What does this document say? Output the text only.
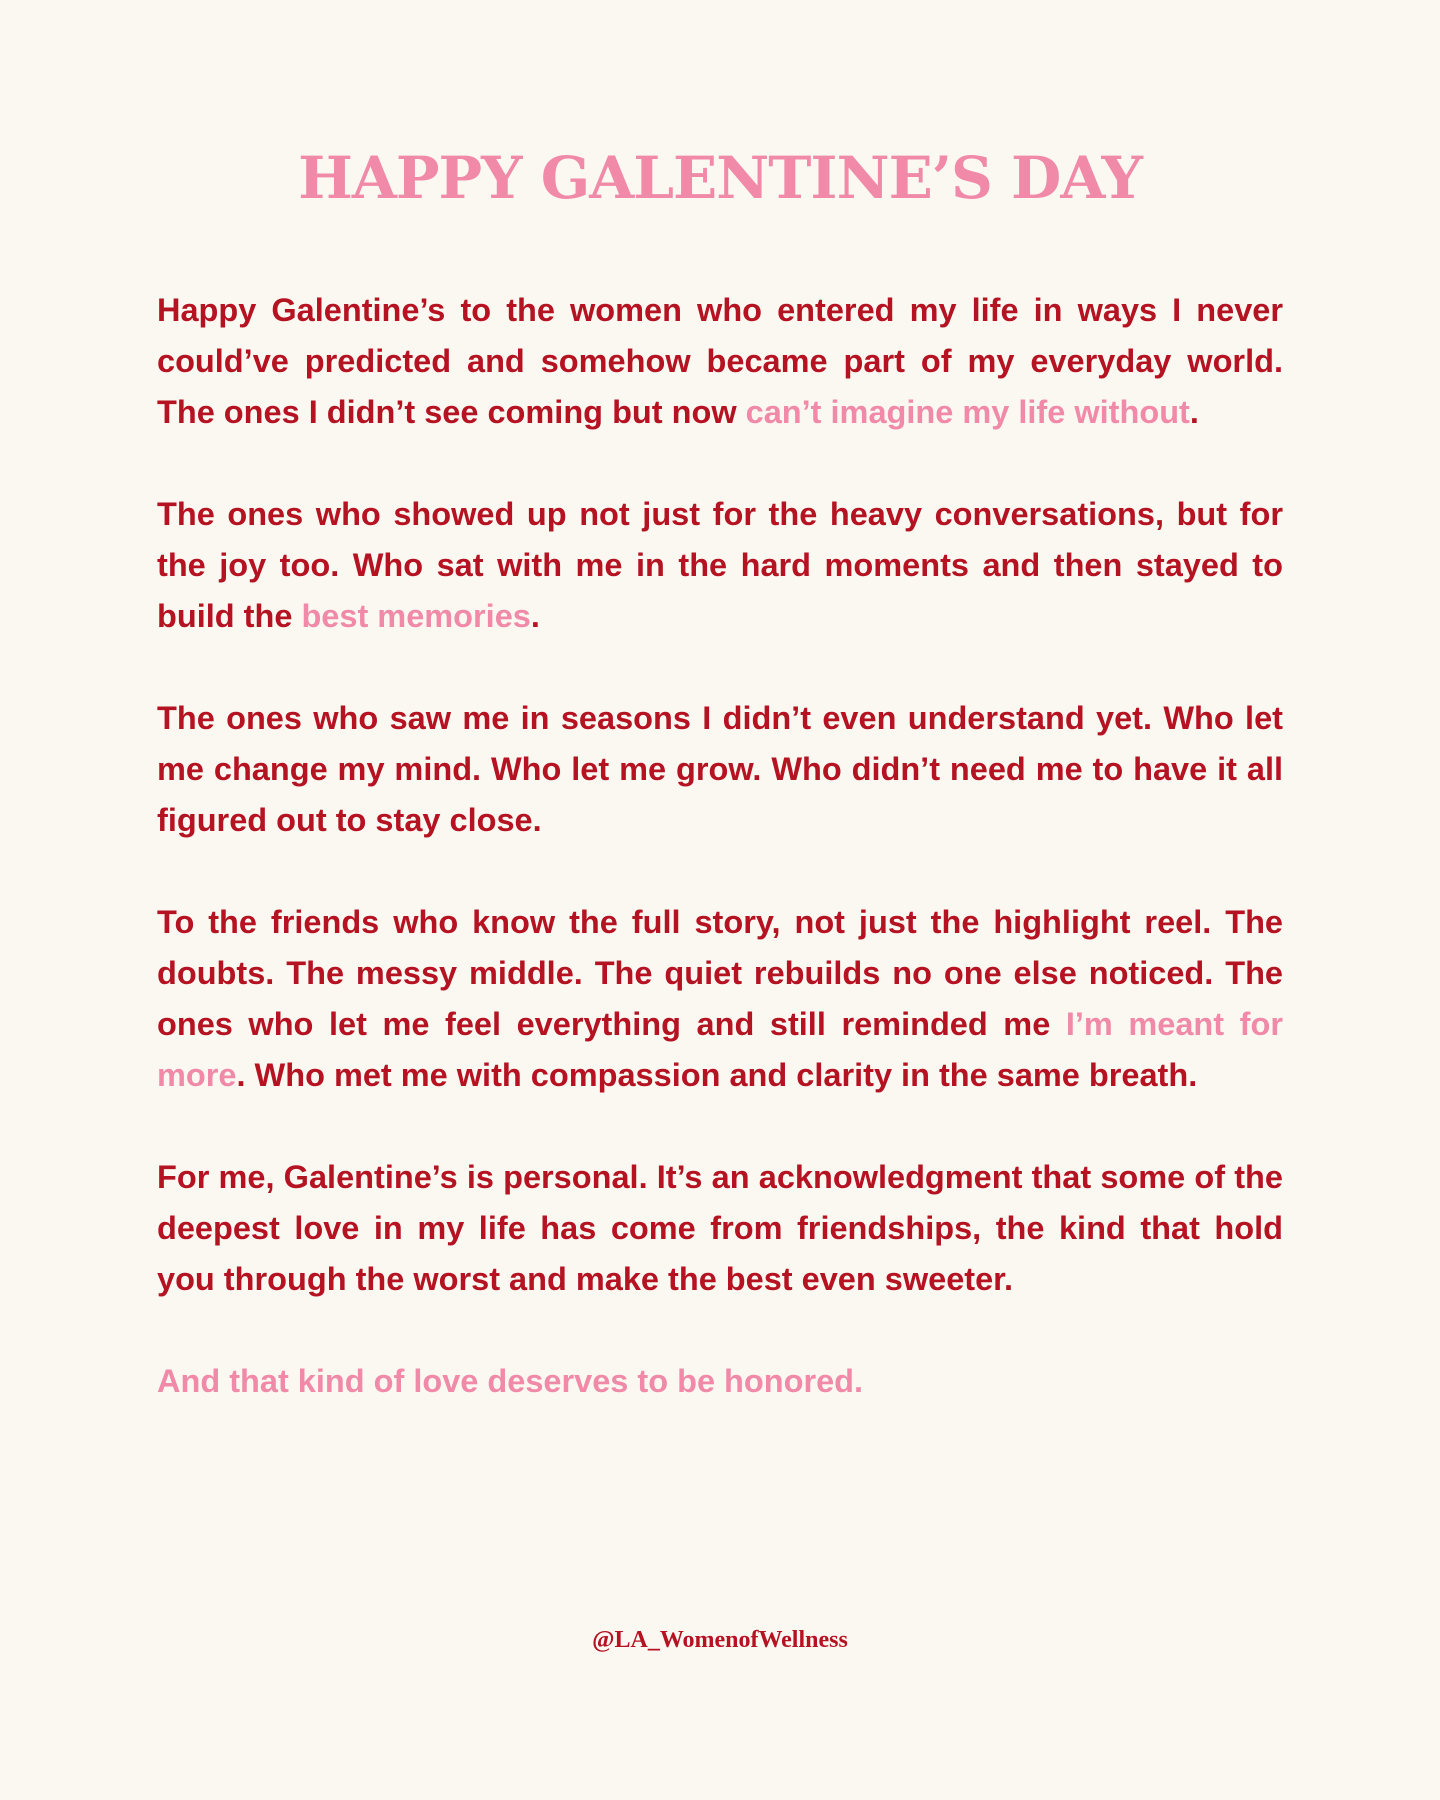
HAPPY GALENTINE’S DAY

Happy Galentine’s to the women who entered my life in ways I never could’ve predicted and somehow became part of my everyday world. The ones I didn’t see coming but now can’t imagine my life without.

The ones who showed up not just for the heavy conversations, but for the joy too. Who sat with me in the hard moments and then stayed to build the best memories.

The ones who saw me in seasons I didn’t even understand yet. Who let me change my mind. Who let me grow. Who didn’t need me to have it all figured out to stay close.

To the friends who know the full story, not just the highlight reel. The doubts. The messy middle. The quiet rebuilds no one else noticed. The ones who let me feel everything and still reminded me I’m meant for more. Who met me with compassion and clarity in the same breath.

For me, Galentine’s is personal. It’s an acknowledgment that some of the deepest love in my life has come from friendships, the kind that hold you through the worst and make the best even sweeter.

And that kind of love deserves to be honored.

@LA_WomenofWellness
